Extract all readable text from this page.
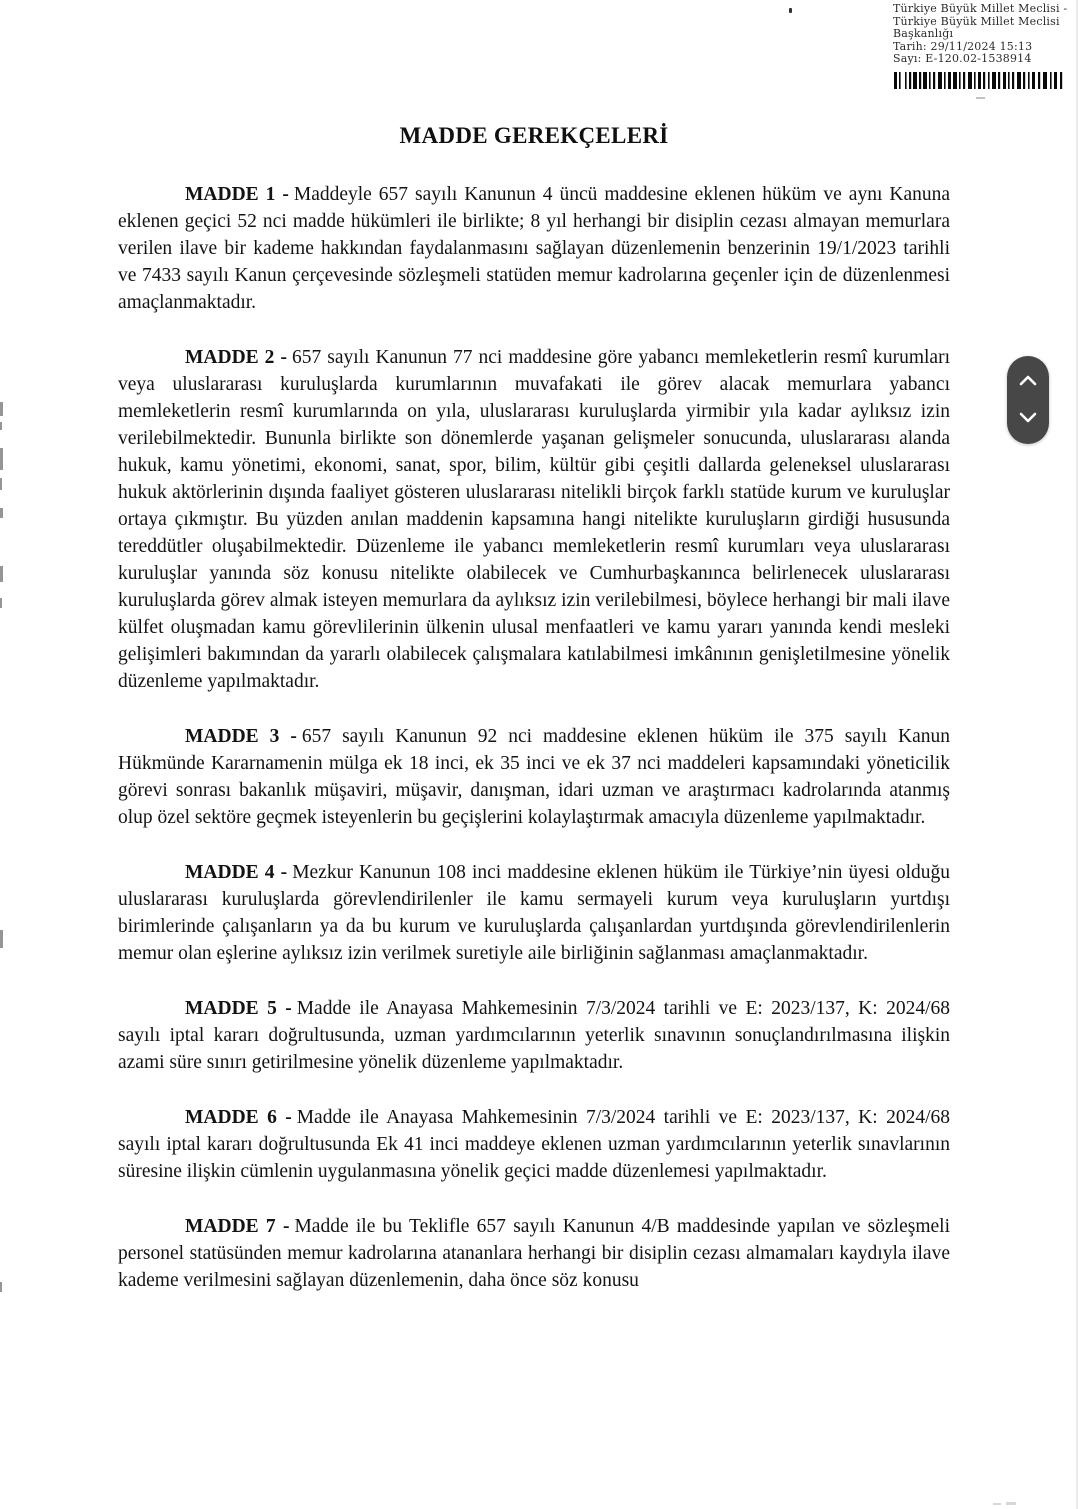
Türkiye Büyük Millet Meclisi -
Türkiye Büyük Millet Meclisi
Başkanlığı
Tarih: 29/11/2024 15:13
Sayı: E-120.02-1538914
MADDE GEREKÇELERİ

MADDE 1 - Maddeyle 657 sayılı Kanunun 4 üncü maddesine eklenen hüküm ve aynı Kanuna eklenen geçici 52 nci madde hükümleri ile birlikte; 8 yıl herhangi bir disiplin cezası almayan memurlara verilen ilave bir kademe hakkından faydalanmasını sağlayan düzenlemenin benzerinin 19/1/2023 tarihli ve 7433 sayılı Kanun çerçevesinde sözleşmeli statüden memur kadrolarına geçenler için de düzenlenmesi amaçlanmaktadır.

MADDE 2 - 657 sayılı Kanunun 77 nci maddesine göre yabancı memleketlerin resmî kurumları veya uluslararası kuruluşlarda kurumlarının muvafakati ile görev alacak memurlara yabancı memleketlerin resmî kurumlarında on yıla, uluslararası kuruluşlarda yirmibir yıla kadar aylıksız izin verilebilmektedir. Bununla birlikte son dönemlerde yaşanan gelişmeler sonucunda, uluslararası alanda hukuk, kamu yönetimi, ekonomi, sanat, spor, bilim, kültür gibi çeşitli dallarda geleneksel uluslararası hukuk aktörlerinin dışında faaliyet gösteren uluslararası nitelikli birçok farklı statüde kurum ve kuruluşlar ortaya çıkmıştır. Bu yüzden anılan maddenin kapsamına hangi nitelikte kuruluşların girdiği hususunda tereddütler oluşabilmektedir. Düzenleme ile yabancı memleketlerin resmî kurumları veya uluslararası kuruluşlar yanında söz konusu nitelikte olabilecek ve Cumhurbaşkanınca belirlenecek uluslararası kuruluşlarda görev almak isteyen memurlara da aylıksız izin verilebilmesi, böylece herhangi bir mali ilave külfet oluşmadan kamu görevlilerinin ülkenin ulusal menfaatleri ve kamu yararı yanında kendi mesleki gelişimleri bakımından da yararlı olabilecek çalışmalara katılabilmesi imkânının genişletilmesine yönelik düzenleme yapılmaktadır.

MADDE 3 - 657 sayılı Kanunun 92 nci maddesine eklenen hüküm ile 375 sayılı Kanun Hükmünde Kararnamenin mülga ek 18 inci, ek 35 inci ve ek 37 nci maddeleri kapsamındaki yöneticilik görevi sonrası bakanlık müşaviri, müşavir, danışman, idari uzman ve araştırmacı kadrolarında atanmış olup özel sektöre geçmek isteyenlerin bu geçişlerini kolaylaştırmak amacıyla düzenleme yapılmaktadır.

MADDE 4 - Mezkur Kanunun 108 inci maddesine eklenen hüküm ile Türkiye’nin üyesi olduğu uluslararası kuruluşlarda görevlendirilenler ile kamu sermayeli kurum veya kuruluşların yurtdışı birimlerinde çalışanların ya da bu kurum ve kuruluşlarda çalışanlardan yurtdışında görevlendirilenlerin memur olan eşlerine aylıksız izin verilmek suretiyle aile birliğinin sağlanması amaçlanmaktadır.

MADDE 5 - Madde ile Anayasa Mahkemesinin 7/3/2024 tarihli ve E: 2023/137, K: 2024/68 sayılı iptal kararı doğrultusunda, uzman yardımcılarının yeterlik sınavının sonuçlandırılmasına ilişkin azami süre sınırı getirilmesine yönelik düzenleme yapılmaktadır.

MADDE 6 - Madde ile Anayasa Mahkemesinin 7/3/2024 tarihli ve E: 2023/137, K: 2024/68 sayılı iptal kararı doğrultusunda Ek 41 inci maddeye eklenen uzman yardımcılarının yeterlik sınavlarının süresine ilişkin cümlenin uygulanmasına yönelik geçici madde düzenlemesi yapılmaktadır.

MADDE 7 - Madde ile bu Teklifle 657 sayılı Kanunun 4/B maddesinde yapılan ve sözleşmeli personel statüsünden memur kadrolarına atananlara herhangi bir disiplin cezası almamaları kaydıyla ilave kademe verilmesini sağlayan düzenlemenin, daha önce söz konusu
